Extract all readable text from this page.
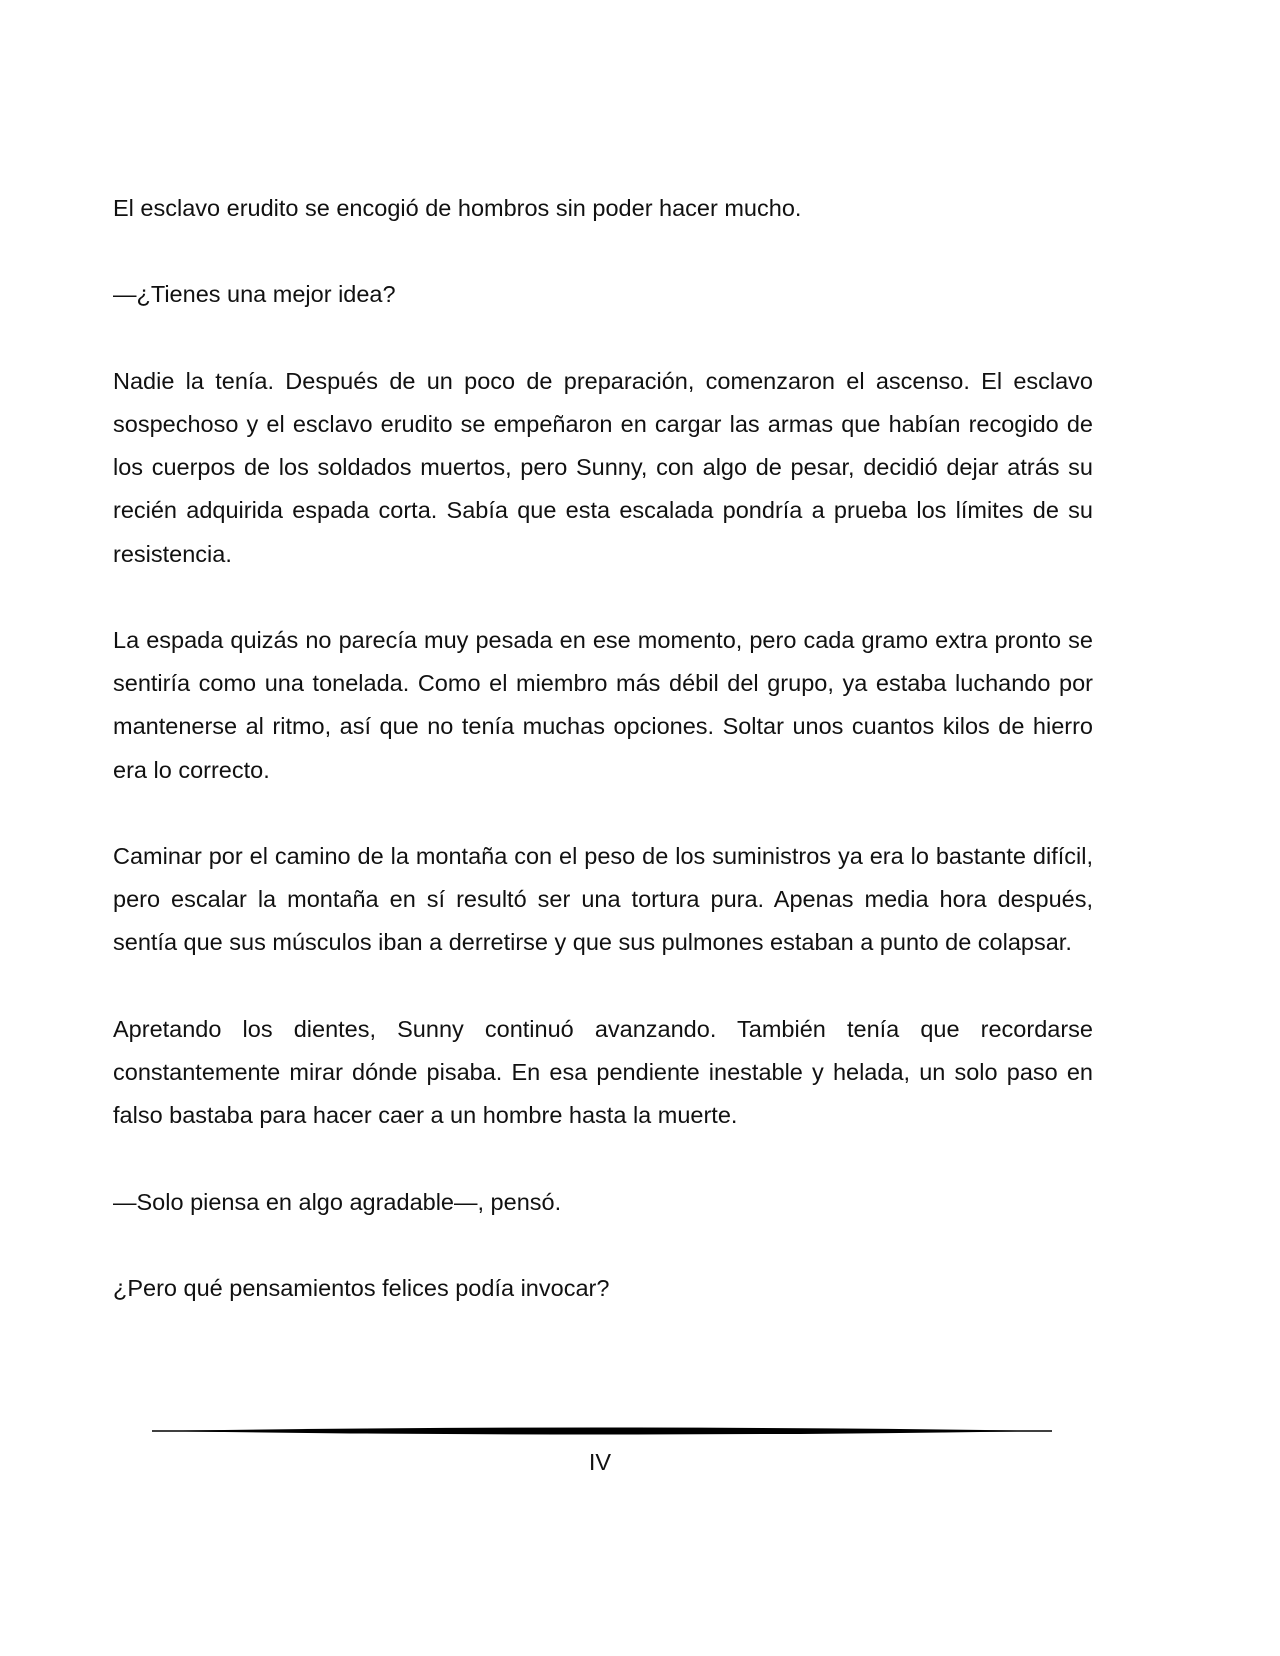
El esclavo erudito se encogió de hombros sin poder hacer mucho.

—¿Tienes una mejor idea?

Nadie la tenía. Después de un poco de preparación, comenzaron el ascenso. El esclavo sospechoso y el esclavo erudito se empeñaron en cargar las armas que habían recogido de los cuerpos de los soldados muertos, pero Sunny, con algo de pesar, decidió dejar atrás su recién adquirida espada corta. Sabía que esta escalada pondría a prueba los límites de su resistencia.

La espada quizás no parecía muy pesada en ese momento, pero cada gramo extra pronto se sentiría como una tonelada. Como el miembro más débil del grupo, ya estaba luchando por mantenerse al ritmo, así que no tenía muchas opciones. Soltar unos cuantos kilos de hierro era lo correcto.

Caminar por el camino de la montaña con el peso de los suministros ya era lo bastante difícil, pero escalar la montaña en sí resultó ser una tortura pura. Apenas media hora después, sentía que sus músculos iban a derretirse y que sus pulmones estaban a punto de colapsar.

Apretando los dientes, Sunny continuó avanzando. También tenía que recordarse constantemente mirar dónde pisaba. En esa pendiente inestable y helada, un solo paso en falso bastaba para hacer caer a un hombre hasta la muerte.

—Solo piensa en algo agradable—, pensó.

¿Pero qué pensamientos felices podía invocar?

IV
